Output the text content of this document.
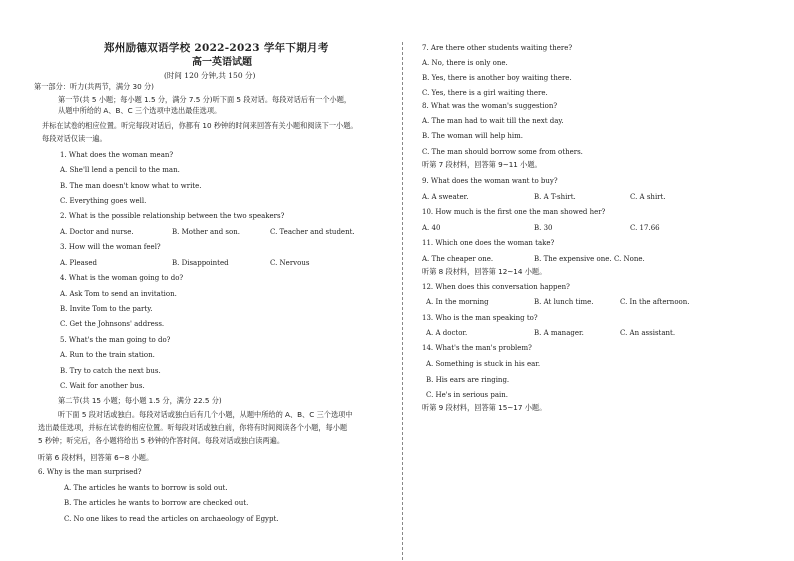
郑州励德双语学校 2022-2023 学年下期月考
高一英语试题
(时间 120 分钟,共 150 分)
第一部分：听力(共两节，满分 30 分)
第一节(共 5 小题；每小题 1.5 分，满分 7.5 分)听下面 5 段对话。每段对话后有一个小题，
从题中所给的 A、B、C 三个选项中选出最佳选项。
并标在试卷的相应位置。听完每段对话后，你都有 10 秒钟的时间来回答有关小题和阅读下一小题。
每段对话仅读一遍。
1. What does the woman mean?
A. She'll lend a pencil to the man.
B. The man doesn't know what to write.
C. Everything goes well.
2. What is the possible relationship between the two speakers?
A. Doctor and nurse.	B. Mother and son.	C. Teacher and student.
3. How will the woman feel?
A. Pleased	B. Disappointed	C. Nervous
4. What is the woman going to do?
A. Ask Tom to send an invitation.
B. Invite Tom to the party.
C. Get the Johnsons' address.
5. What's the man going to do?
A. Run to the train station.
B. Try to catch the next bus.
C. Wait for another bus.
第二节(共 15 小题；每小题 1.5 分，满分 22.5 分)
听下面 5 段对话或独白。每段对话或独白后有几个小题，从题中所给的 A、B、C 三个选项中
选出最佳选项，并标在试卷的相应位置。听每段对话或独白前，你将有时间阅读各个小题，每小题
5 秒钟；听完后，各小题将给出 5 秒钟的作答时间。每段对话或独白读两遍。
听第 6 段材料，回答第 6~8 小题。
6. Why is the man surprised?
A. The articles he wants to borrow is sold out.
B. The articles he wants to borrow are checked out.
C. No one likes to read the articles on archaeology of Egypt.
7. Are there other students waiting there?
A. No, there is only one.
B. Yes, there is another boy waiting there.
C. Yes, there is a girl waiting there.
8. What was the woman's suggestion?
A. The man had to wait till the next day.
B. The woman will help him.
C. The man should borrow some from others.
听第 7 段材料，回答第 9~11 小题。
9. What does the woman want to buy?
A. A sweater.	B. A T-shirt.	C. A shirt.
10. How much is the first one the man showed her?
A. 40	B. 30	C. 17.66
11. Which one does the woman take?
A. The cheaper one.	B. The expensive one. C. None.
听第 8 段材料，回答第 12~14 小题。
12. When does this conversation happen?
A. In the morning	B. At lunch time.	C. In the afternoon.
13. Who is the man speaking to?
A. A doctor.	B. A manager.	C. An assistant.
14. What's the man's problem?
A. Something is stuck in his ear.
B. His ears are ringing.
C. He's in serious pain.
听第 9 段材料，回答第 15~17 小题。
